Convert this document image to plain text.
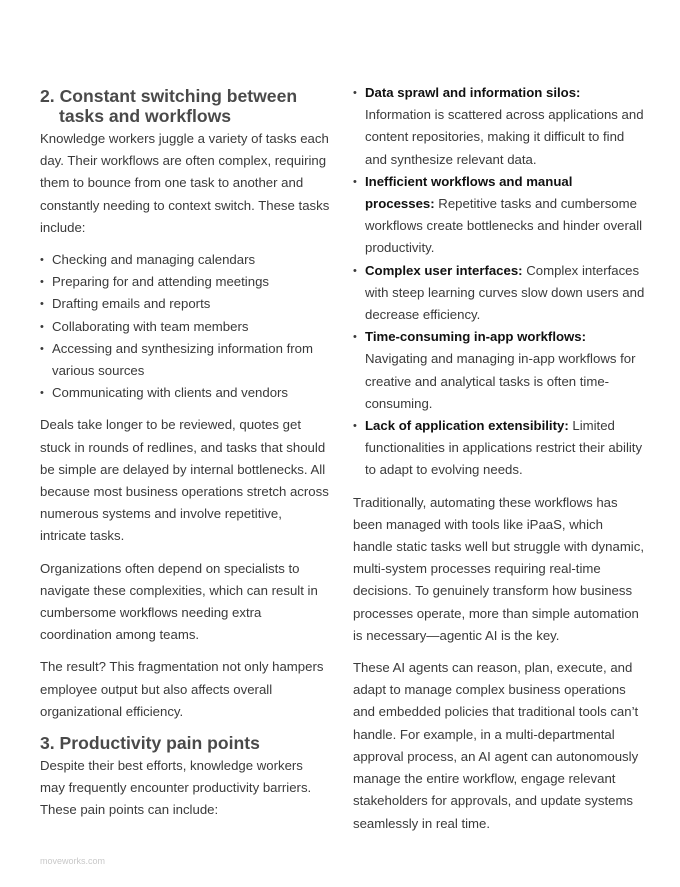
2. Constant switching between
tasks and workflows

Knowledge workers juggle a variety of tasks each day. Their workflows are often complex, requiring them to bounce from one task to another and constantly needing to context switch. These tasks include:

• Checking and managing calendars
• Preparing for and attending meetings
• Drafting emails and reports
• Collaborating with team members
• Accessing and synthesizing information from various sources
• Communicating with clients and vendors

Deals take longer to be reviewed, quotes get stuck in rounds of redlines, and tasks that should be simple are delayed by internal bottlenecks. All because most business operations stretch across numerous systems and involve repetitive, intricate tasks.

Organizations often depend on specialists to navigate these complexities, which can result in cumbersome workflows needing extra coordination among teams.

The result? This fragmentation not only hampers employee output but also affects overall organizational efficiency.

3. Productivity pain points

Despite their best efforts, knowledge workers may frequently encounter productivity barriers. These pain points can include:

• Data sprawl and information silos: Information is scattered across applications and content repositories, making it difficult to find and synthesize relevant data.
• Inefficient workflows and manual processes: Repetitive tasks and cumbersome workflows create bottlenecks and hinder overall productivity.
• Complex user interfaces: Complex interfaces with steep learning curves slow down users and decrease efficiency.
• Time-consuming in-app workflows: Navigating and managing in-app workflows for creative and analytical tasks is often time-consuming.
• Lack of application extensibility: Limited functionalities in applications restrict their ability to adapt to evolving needs.

Traditionally, automating these workflows has been managed with tools like iPaaS, which handle static tasks well but struggle with dynamic, multi-system processes requiring real-time decisions. To genuinely transform how business processes operate, more than simple automation is necessary—agentic AI is the key.

These AI agents can reason, plan, execute, and adapt to manage complex business operations and embedded policies that traditional tools can’t handle. For example, in a multi-departmental approval process, an AI agent can autonomously manage the entire workflow, engage relevant stakeholders for approvals, and update systems seamlessly in real time.

moveworks.com
